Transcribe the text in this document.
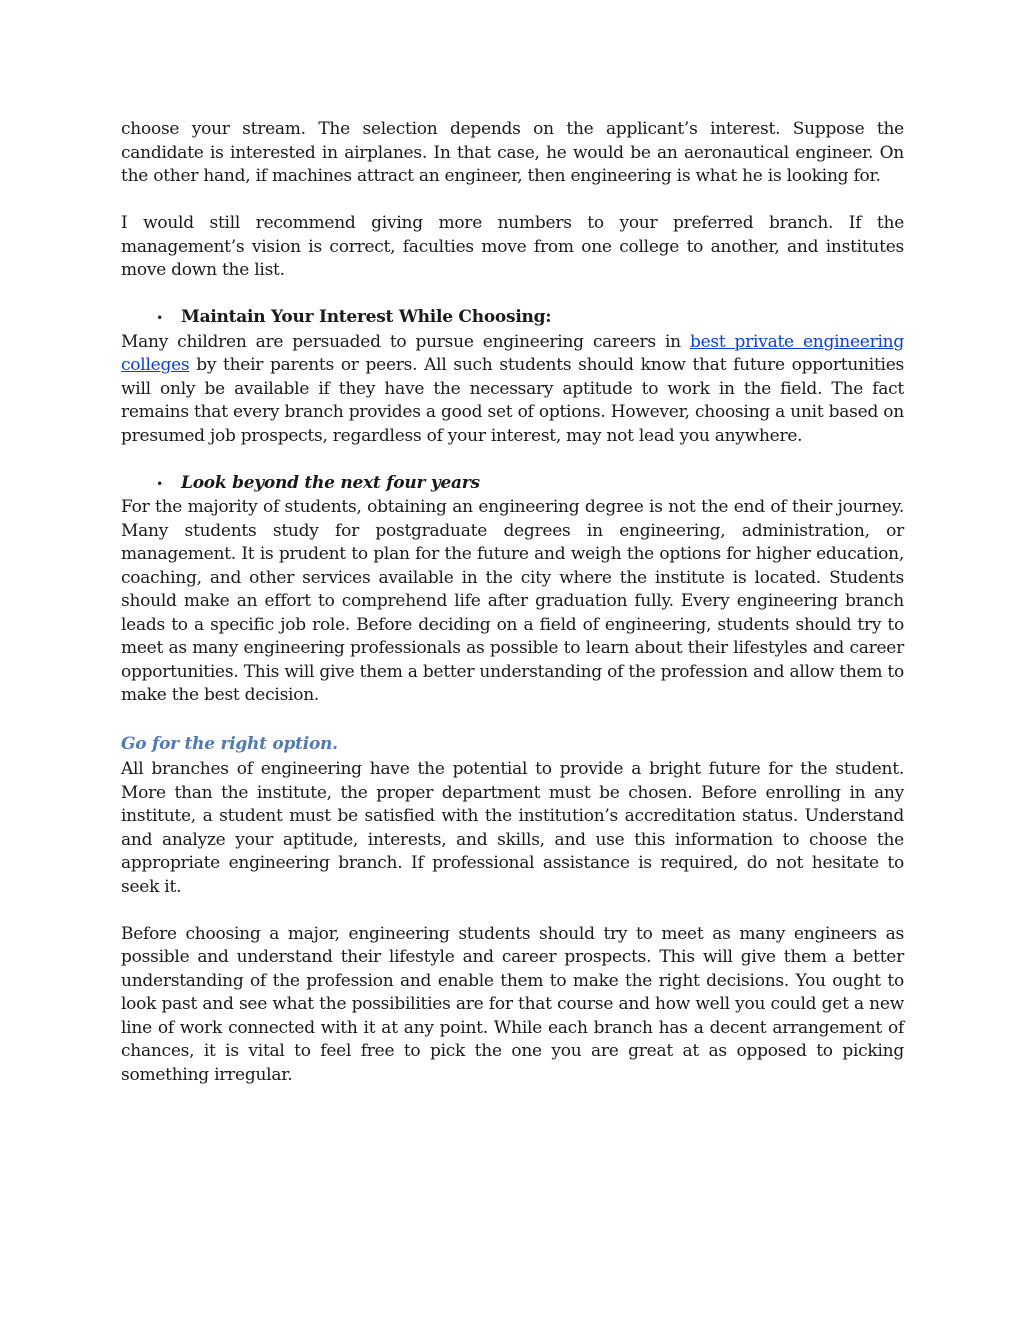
choose your stream. The selection depends on the applicant’s interest. Suppose the candidate is interested in airplanes. In that case, he would be an aeronautical engineer. On the other hand, if machines attract an engineer, then engineering is what he is looking for.

I would still recommend giving more numbers to your preferred branch. If the management’s vision is correct, faculties move from one college to another, and institutes move down the list.

•	Maintain Your Interest While Choosing:

Many children are persuaded to pursue engineering careers in best private engineering colleges by their parents or peers. All such students should know that future opportunities will only be available if they have the necessary aptitude to work in the field. The fact remains that every branch provides a good set of options. However, choosing a unit based on presumed job prospects, regardless of your interest, may not lead you anywhere.

•	Look beyond the next four years

For the majority of students, obtaining an engineering degree is not the end of their journey. Many students study for postgraduate degrees in engineering, administration, or management. It is prudent to plan for the future and weigh the options for higher education, coaching, and other services available in the city where the institute is located. Students should make an effort to comprehend life after graduation fully. Every engineering branch leads to a specific job role. Before deciding on a field of engineering, students should try to meet as many engineering professionals as possible to learn about their lifestyles and career opportunities. This will give them a better understanding of the profession and allow them to make the best decision.

Go for the right option.

All branches of engineering have the potential to provide a bright future for the student. More than the institute, the proper department must be chosen. Before enrolling in any institute, a student must be satisfied with the institution’s accreditation status. Understand and analyze your aptitude, interests, and skills, and use this information to choose the appropriate engineering branch. If professional assistance is required, do not hesitate to seek it.

Before choosing a major, engineering students should try to meet as many engineers as possible and understand their lifestyle and career prospects. This will give them a better understanding of the profession and enable them to make the right decisions. You ought to look past and see what the possibilities are for that course and how well you could get a new line of work connected with it at any point. While each branch has a decent arrangement of chances, it is vital to feel free to pick the one you are great at as opposed to picking something irregular.
